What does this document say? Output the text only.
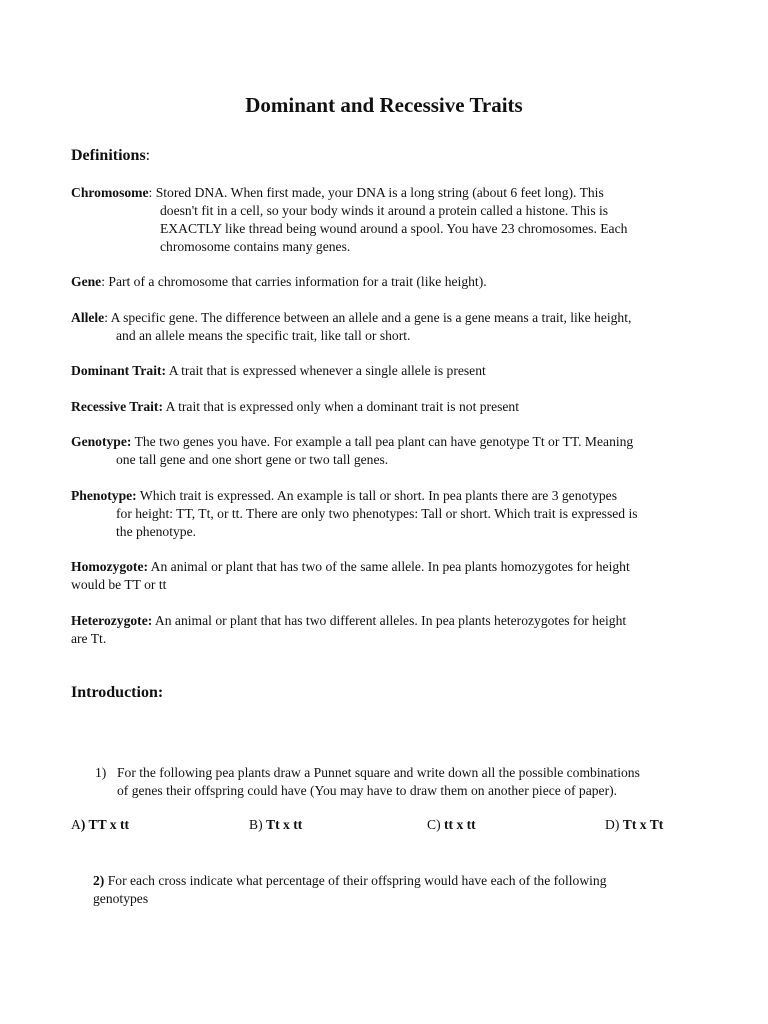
Dominant and Recessive Traits
Definitions:
Chromosome: Stored DNA. When first made, your DNA is a long string (about 6 feet long). This
doesn't fit in a cell, so your body winds it around a protein called a histone. This is
EXACTLY like thread being wound around a spool. You have 23 chromosomes. Each
chromosome contains many genes.
Gene: Part of a chromosome that carries information for a trait (like height).
Allele: A specific gene. The difference between an allele and a gene is a gene means a trait, like height,
and an allele means the specific trait, like tall or short.
Dominant Trait: A trait that is expressed whenever a single allele is present
Recessive Trait: A trait that is expressed only when a dominant trait is not present
Genotype: The two genes you have. For example a tall pea plant can have genotype Tt or TT. Meaning
one tall gene and one short gene or two tall genes.
Phenotype: Which trait is expressed. An example is tall or short. In pea plants there are 3 genotypes
for height: TT, Tt, or tt. There are only two phenotypes: Tall or short. Which trait is expressed is
the phenotype.
Homozygote: An animal or plant that has two of the same allele. In pea plants homozygotes for height
would be TT or tt
Heterozygote: An animal or plant that has two different alleles. In pea plants heterozygotes for height
are Tt.
Introduction:
1) For the following pea plants draw a Punnet square and write down all the possible combinations
of genes their offspring could have (You may have to draw them on another piece of paper).
A) TT x tt	B) Tt x tt	C) tt x tt	D) Tt x Tt
2) For each cross indicate what percentage of their offspring would have each of the following
genotypes
